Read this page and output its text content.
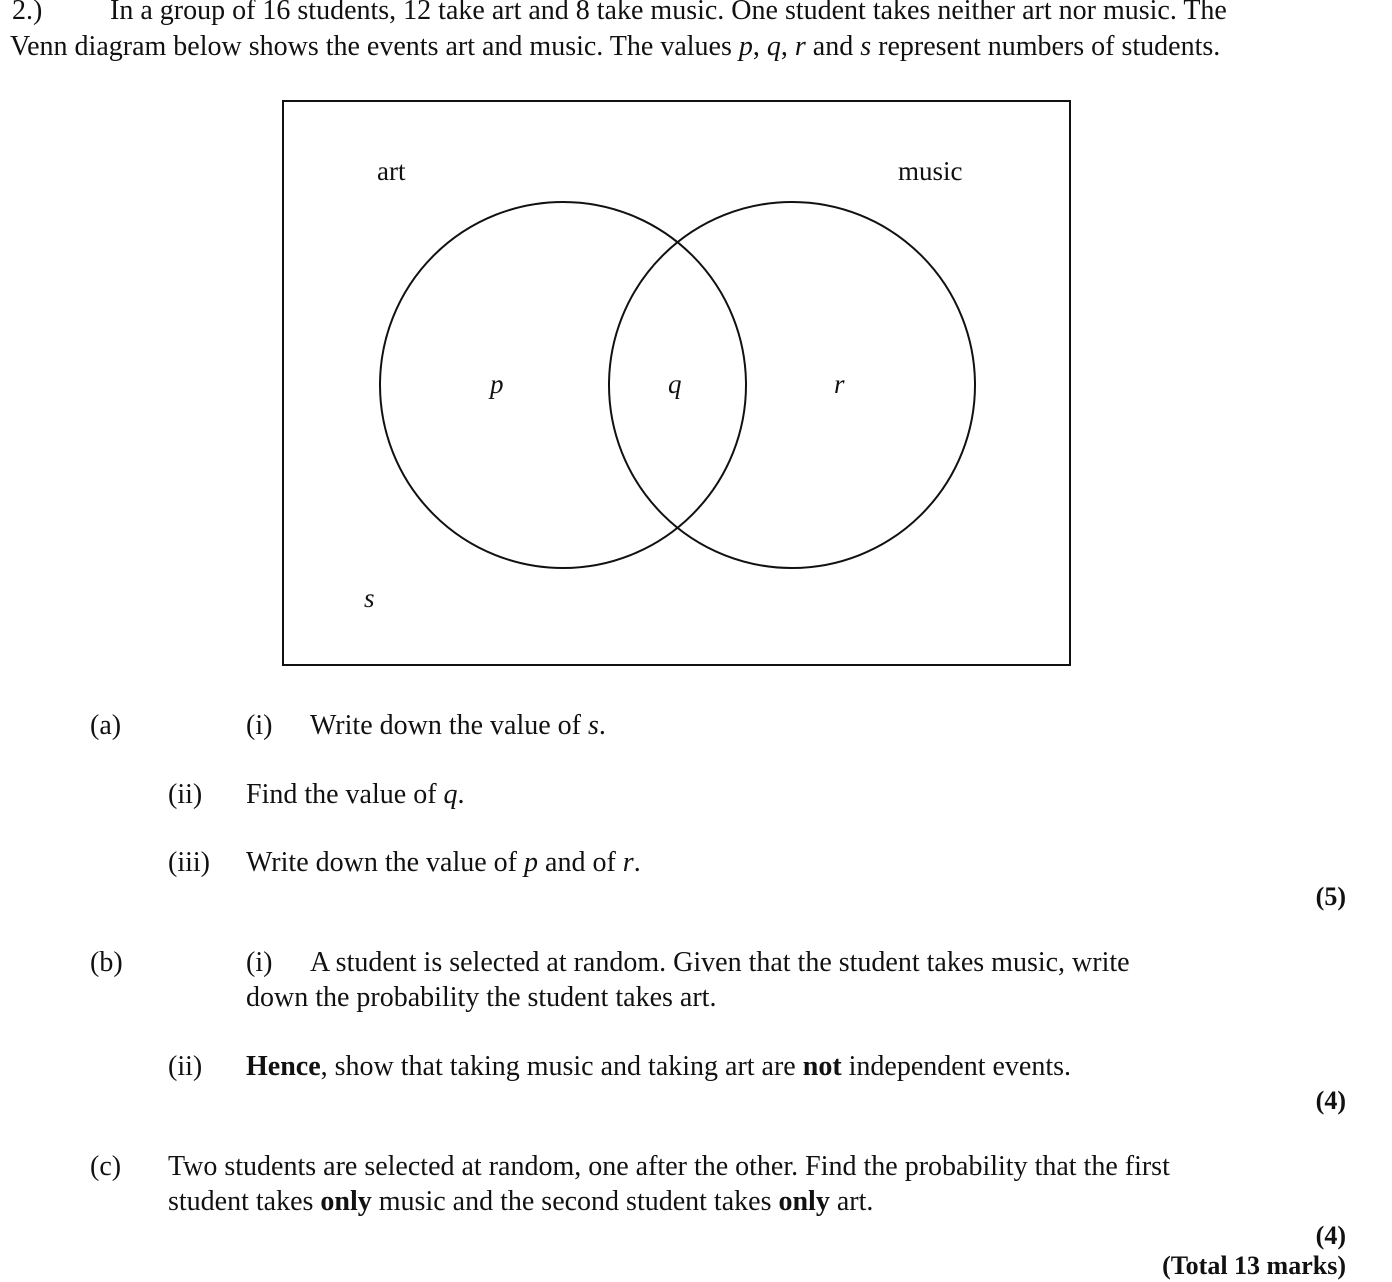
2.) In a group of 16 students, 12 take art and 8 take music. One student takes neither art nor music. The
Venn diagram below shows the events art and music. The values p, q, r and s represent numbers of students.
art	music
p	q	r
s
(a)	(i) Write down the value of s.
(ii) Find the value of q.
(iii) Write down the value of p and of r.
(5)
(b)	(i) A student is selected at random. Given that the student takes music, write
down the probability the student takes art.
(ii) Hence, show that taking music and taking art are not independent events.
(4)
(c) Two students are selected at random, one after the other. Find the probability that the first
student takes only music and the second student takes only art.
(4)
(Total 13 marks)
